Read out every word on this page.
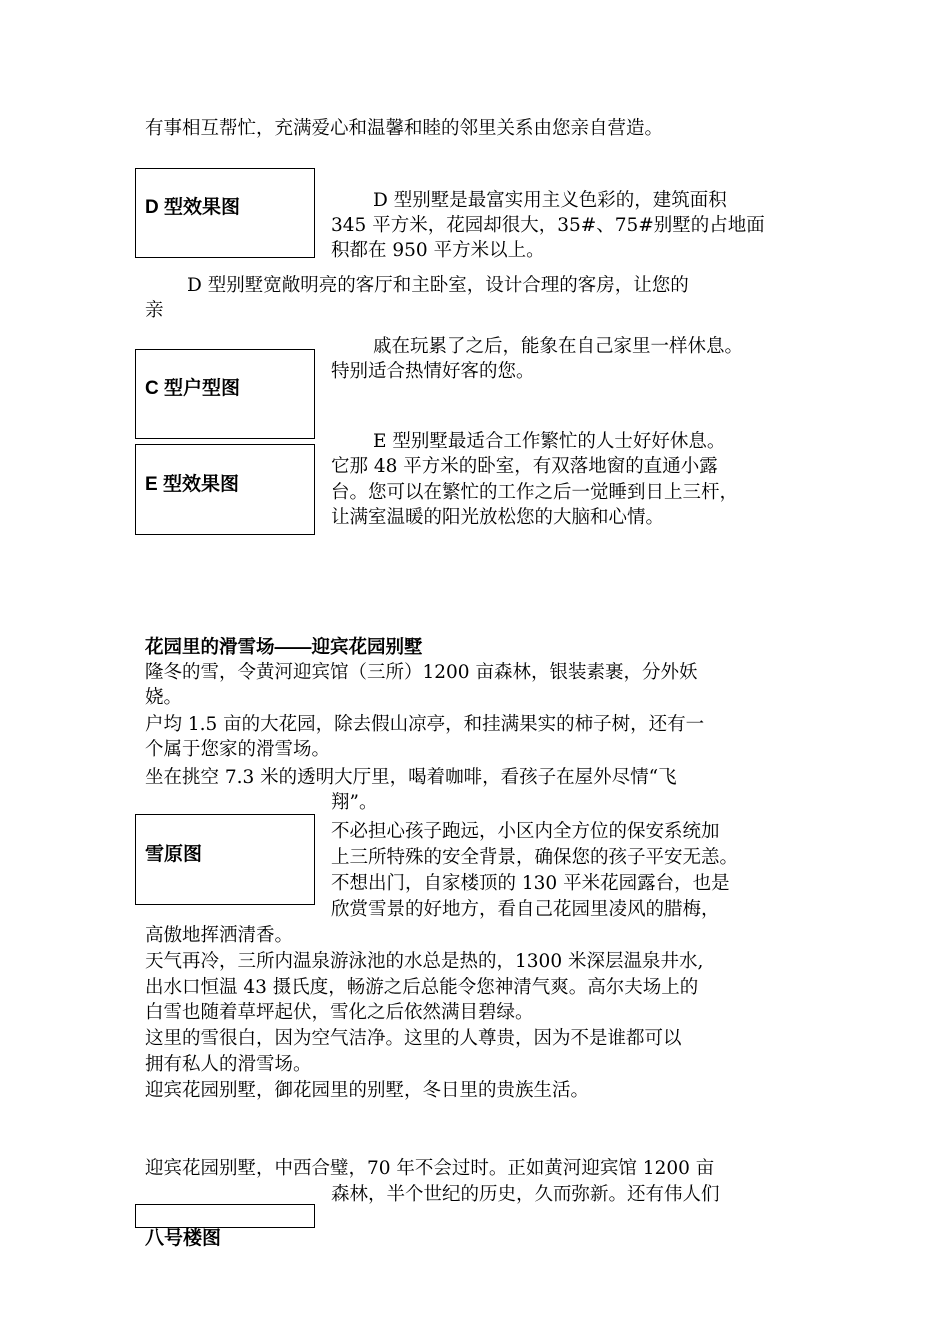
有事相互帮忙，充满爱心和温馨和睦的邻里关系由您亲自营造。
D 型效果图	D 型别墅是最富实用主义色彩的，建筑面积
345 平方米，花园却很大，35#、75#别墅的占地面
积都在 950 平方米以上。
D 型别墅宽敞明亮的客厅和主卧室，设计合理的客房，让您的
亲
C 型户型图
戚在玩累了之后，能象在自己家里一样休息。
特别适合热情好客的您。
E 型效果图
E 型别墅最适合工作繁忙的人士好好休息。
它那 48 平方米的卧室，有双落地窗的直通小露
台。您可以在繁忙的工作之后一觉睡到日上三杆，
让满室温暖的阳光放松您的大脑和心情。
花园里的滑雪场——迎宾花园别墅
隆冬的雪，令黄河迎宾馆（三所）1200 亩森林，银装素裹，分外妖
娆。
户均 1.5 亩的大花园，除去假山凉亭，和挂满果实的柿子树，还有一
个属于您家的滑雪场。
坐在挑空 7.3 米的透明大厅里，喝着咖啡，看孩子在屋外尽情“飞
翔”。
雪原图
不必担心孩子跑远，小区内全方位的保安系统加
上三所特殊的安全背景，确保您的孩子平安无恙。
不想出门，自家楼顶的 130 平米花园露台，也是
欣赏雪景的好地方，看自己花园里凌风的腊梅，
高傲地挥洒清香。
天气再冷，三所内温泉游泳池的水总是热的，1300 米深层温泉井水,
出水口恒温 43 摄氏度，畅游之后总能令您神清气爽。高尔夫场上的
白雪也随着草坪起伏，雪化之后依然满目碧绿。
这里的雪很白，因为空气洁净。这里的人尊贵，因为不是谁都可以
拥有私人的滑雪场。
迎宾花园别墅，御花园里的别墅，冬日里的贵族生活。
迎宾花园别墅，中西合璧，70 年不会过时。正如黄河迎宾馆 1200 亩
森林，半个世纪的历史，久而弥新。还有伟人们
八号楼图
